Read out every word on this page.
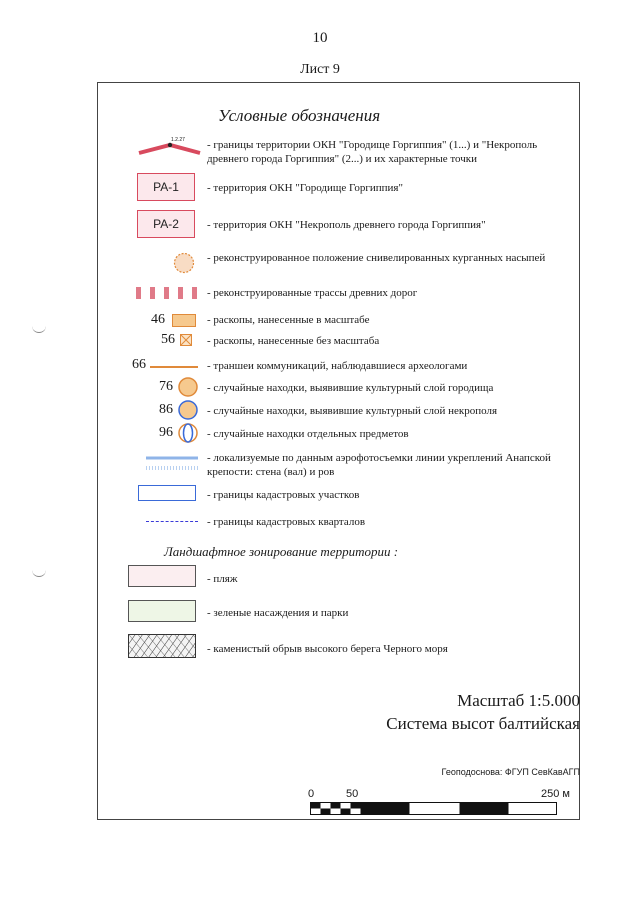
10
Лист 9
Условные обозначения
1.2.27 - границы территории ОКН "Городище Горгиппия" (1...) и "Некрополь древнего города Горгиппия" (2...) и их характерные точки
PA-1	- территория ОКН "Городище Горгиппия"
PA-2	- территория ОКН "Некрополь древнего города Горгиппия"
- реконструированное положение снивелированных курганных насыпей
- реконструированные трассы древних дорог
46	- раскопы, нанесенные в масштабе
56	- раскопы, нанесенные без масштаба
66	- траншеи коммуникаций, наблюдавшиеся археологами
76	- случайные находки, выявившие культурный слой городища
86	- случайные находки, выявившие культурный слой некрополя
96	- случайные находки отдельных предметов
- локализуемые по данным аэрофотосъемки линии укреплений Анапской крепости: стена (вал) и ров
- границы кадастровых участков
- границы кадастровых кварталов
Ландшафтное зонирование территории :
- пляж
- зеленые насаждения и парки
- каменистый обрыв высокого берега Черного моря
Масштаб 1:5.000
Система высот балтийская
Геоподоснова: ФГУП СевКавАГП
0	50	250 м
